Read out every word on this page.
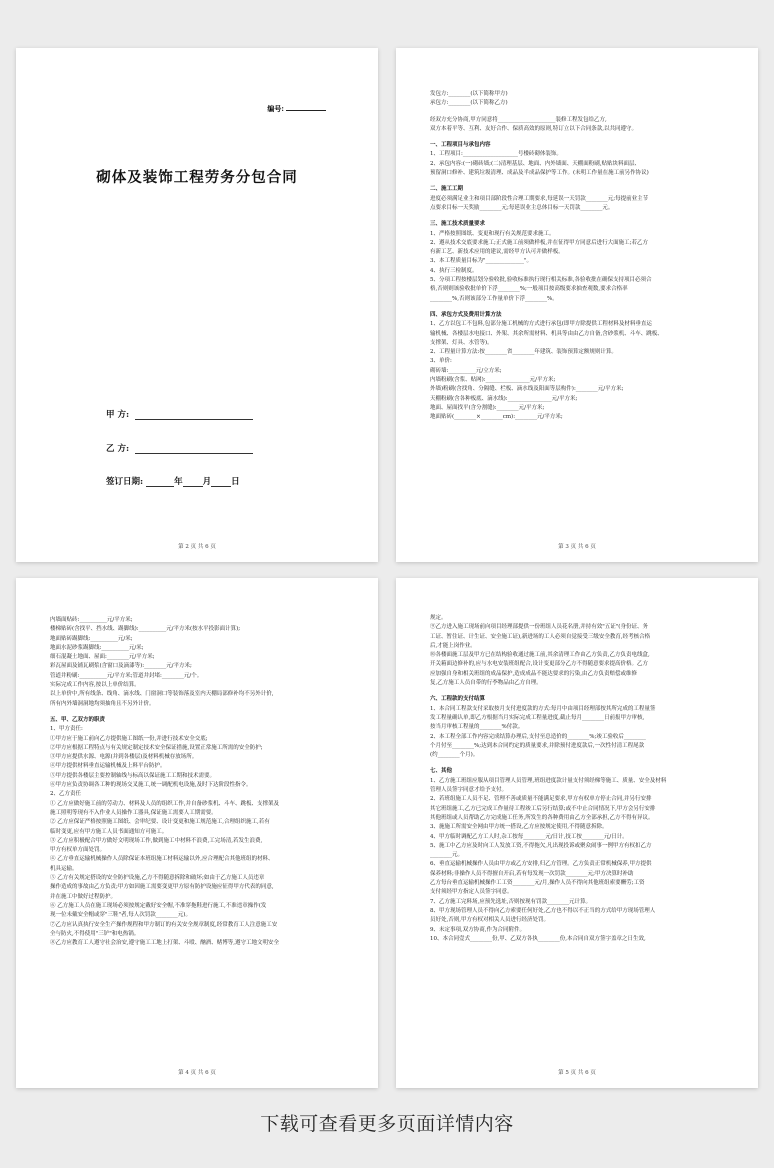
编号:
砌体及装饰工程劳务分包合同
甲 方:
乙 方:
签订日期:	年 月 日
第 2 页 共 6 页

发包方:________(以下简称甲方)

承包方:________(以下简称乙方)

经双方充分协商,甲方同意将_____________________装修工程发包给乙方,

双方本着平等、互利、友好合作、保质高效的原则,特订立以下合同条款,以共同遵守。

一、工程项目与承包内容

1、工程项目:____________________号楼砖砌体装饰。

2、承包内容:(一)砌砖墙;(二)清理基层、地面、内外墙面、天棚面粉刷,贴贴块料面层、

预留洞口修补、建筑垃圾清理、成品及半成品保护等工作。(未明工作量在施工前另作协议)

二、施工工期

进度必须满足业主和项目部阶段性合理工期要求,每延误一天罚款________元;每提前业主节

点要求目标一天奖励________元;每延误业主总体目标一天罚款________元。

三、施工技术质量要求

1、严格按照图纸、变更和现行有关规范要求施工。

2、遵从技术交底要求施工;正式施工前须做样板,并在征得甲方同意后进行大面施工;若乙方

有新工艺、新技术应用的建议,需经甲方认可并做样板。

3、本工程质量目标为"______________"。

4、执行三检制度。

5、分项工程按楼层划分验收批,验收标准执行现行相关标准,各验收批在确保支持项目必须合

格,否则则该验收批单价下浮________%;一般项目按高级要求抽查观数,要求合格率

________%,否则该部分工作量单价下浮________%。

四、承包方式及费用计算方法

1、乙方以包工不包料,包部分施工机械的方式进行承包(即甲方除提供工程材料及材料垂直运

输机械、各楼层水电接口、外架、其余所需材料、机具等由由乙方自备,含砂浆机、斗车、跳板、

支撑架、灯具、水管等)。

2、工程量计算方法:按________省________年建筑、装饰预算定额规则计算。

3、单价:

砌砖墙:__________元/立方米;

内墙粉刷(含浆、贴网):________________元/平方米;

外墙)粉刷(含找角、分隔缝、栏板、滴水线及阳面等层构件):________元/平方米;

天棚粉刷(含各种板底、滴水线):________________元/平方米;

地面、屋面找平(含分割缝):________元/平方米;

地面贴砖(________×________cm):________元/平方米;

第 3 页 共 6 页

内墙面贴砖:__________元/平方米;

楼梯贴砖(含找平、挡水线、踢脚线):__________元/平方米(按水平投影面计算);

地面贴砖踢脚线:__________元/米;

地面水泥砂浆踢脚线:__________元/米;

细石混凝土地面、屋面:________元/平方米;

彩瓦屋面及铺瓦刷浆(含窗口及滴漆等):________元/平方米;

管道井粉刷:__________元/平方米;管道井封堵:________元/个。

实际完成工作内容,按以上单价结算。

以上单价中,所有线条、线角、滴水线、门窗洞口等装饰落及室内天棚局部修补均不另外计价,

所有内外墙洞洞地均须抽角且不另外计价。

五、甲、乙双方的职责

1、甲方责任:

①甲方应于施工前向乙方提供施工图纸一份,并进行技术安全交底;

②甲方应根据工程特点与有关规定制定技术安全保证措施,设置正常施工所需的安全防护;

③甲方应提供水源、电源(并到各楼层)及材料机械存放场所。

④甲方提供材料垂直运输机械及上料平台防护。

⑤甲方提供各楼层主要控制轴线与标高以保证施工工期和技术需要。

⑥甲方应负责协调各工种的现场交叉施工,统一调配机电设施,及时下达阶段性指令。

2、乙方责任

① 乙方应做好施工前的劳动力、材料及人员的组织工作,并自备砂浆机、斗车、跳板、支撑架及

施工照明等现有不入作业人员操作工器具,保证施工需要人工期需要。

② 乙方应保证严格按照施工图纸、会审纪要、设计变更和施工规范施工,合理组织施工,若有

临时变更,应有甲方施工人员书面通知方可施工。

③ 乙方应积极配合甲方做好文明现场工作,做到施工中材料不浪费,工完场清,若发生浪费,

甲方有权单方面处罚。

④ 乙方垂直运输机械操作人员除保证本班组施工材料运输以外,应合理配合其他班组的材料、

机具运输。

⑤ 乙方有关规定搭设的安全防护设施,乙方不得随意拆除和破坏;如由于乙方施工人员违章

操作造成的事故由乙方负责;甲方如因施工需要变更甲方原有防护设施应征得甲方代表的同意,

并在施工中做好过程防护。

⑥ 乙方施工人员在施工现场必须按规定戴好安全帽,不准穿拖鞋进行施工,不准违章操作(发

现一位未戴安全帽或穿"三鞋"者,每人次罚款________元)。

⑦乙方应认真执行安全生产操作规程和甲方制订的有关安全规章制度,经常教育工人注意施工安

全与防火,不得使用"三铲"和电热锅。

⑧乙方应教育工人遵守社会治安,遵守施工工地上打架、斗殴、酗酒、赌博等,遵守工地文明安全

第 4 页 共 6 页

规定。

⑨乙方进入施工现场前向项目经理部提供一份班组人员花名册,并持有效"五证"(身份证、务

工证、暂住证、计生证、安全施工证),新进场的工人必须自觉接受三级安全教育,经考核合格

后,才能上岗作业。

⑩各楼面施工层及甲方已在结构验收通过施工前,其余清理工作由乙方负责,乙方负责电线盒,

开关箱面边修补的,应与水电安装班组配合,设计变更部分乙方不得随意要求提高价格。乙方

应加强自身和相关班组的成品保护,造成成品不能达要求的污染,由乙方负责赔偿或维修

复,乙方施工人员自带的行李物品由乙方自理。

六、工程款的支付结算

1、本合同工程款支付采取按月支付进度款的方式:每月中由项目经理部按其所完成的工程量签

发工程量确认单,即乙方根据当月实际完成工程量进度,截止每月________日前报甲方审核,

按当月审核工程量的________%付款。

2、本工程全部工作内容完成结算办理后,支付至总造价的________%;竣工验收后________

个月付至________%;达到本合同约定的质量要求,并除预付进度款后,一次性付清工程尾款

(约________个月)。

七、其他

1、乙方施工班组应服从项目管理人员管理,班组进度款计量支付须经梯等施工、质量、安全及材料

管理人员签字同意才给予支付。

2、若班组施工人员不足、管理不善或质量不能满足要求,甲方有权单方停止合同,并另行安排

其它班组施工,乙方已完成工作量待工程竣工后另行结算;或不中止合同情况下,甲方会另行安排

其他班组或人员帮助乙方完成施工任务,所发生的各种费用由乙方全部承担,乙方不得有异议。

3、施施工所需安全网由甲方统一搭设,乙方应按规定使用,不得随意拆除。

4、甲方临时调配乙方工人时,杂工按每________元/日计,技工按________元/日计。

5、施工中乙方应及时向工人发放工资,不得拖欠,凡出现投诉或聚众闹事一例甲方有权扣乙方

________元。

6、垂直运输机械操作人员由甲方或乙方安排,归乙方管理。乙方负责正常机械保养,甲方提供

保养材料;非操作人员不得擅自开启,若有每发现一次罚款________元;甲方决算时补助

乙方每台垂直运输机械操作工工资________元/月,操作人员不得向其他班组索要酬劳;工资

支付须经甲方指定人员签字同意。

7、乙方施工完料场,应预先选址,否则按现有罚款________元计算。

8、甲方现场管理人员不得向乙方索要任何好处,乙方也不得以不正当的方式给甲方现场管理人

员好处,否则,甲方有权对相关人员进行经济处罚。

9、未定事项,双方协商,作为合同附件。

10、本合同壹式________份,甲、乙双方各执________份,本合同自双方签字盖章之日生效,

第 5 页 共 6 页
下载可查看更多页面详情内容
